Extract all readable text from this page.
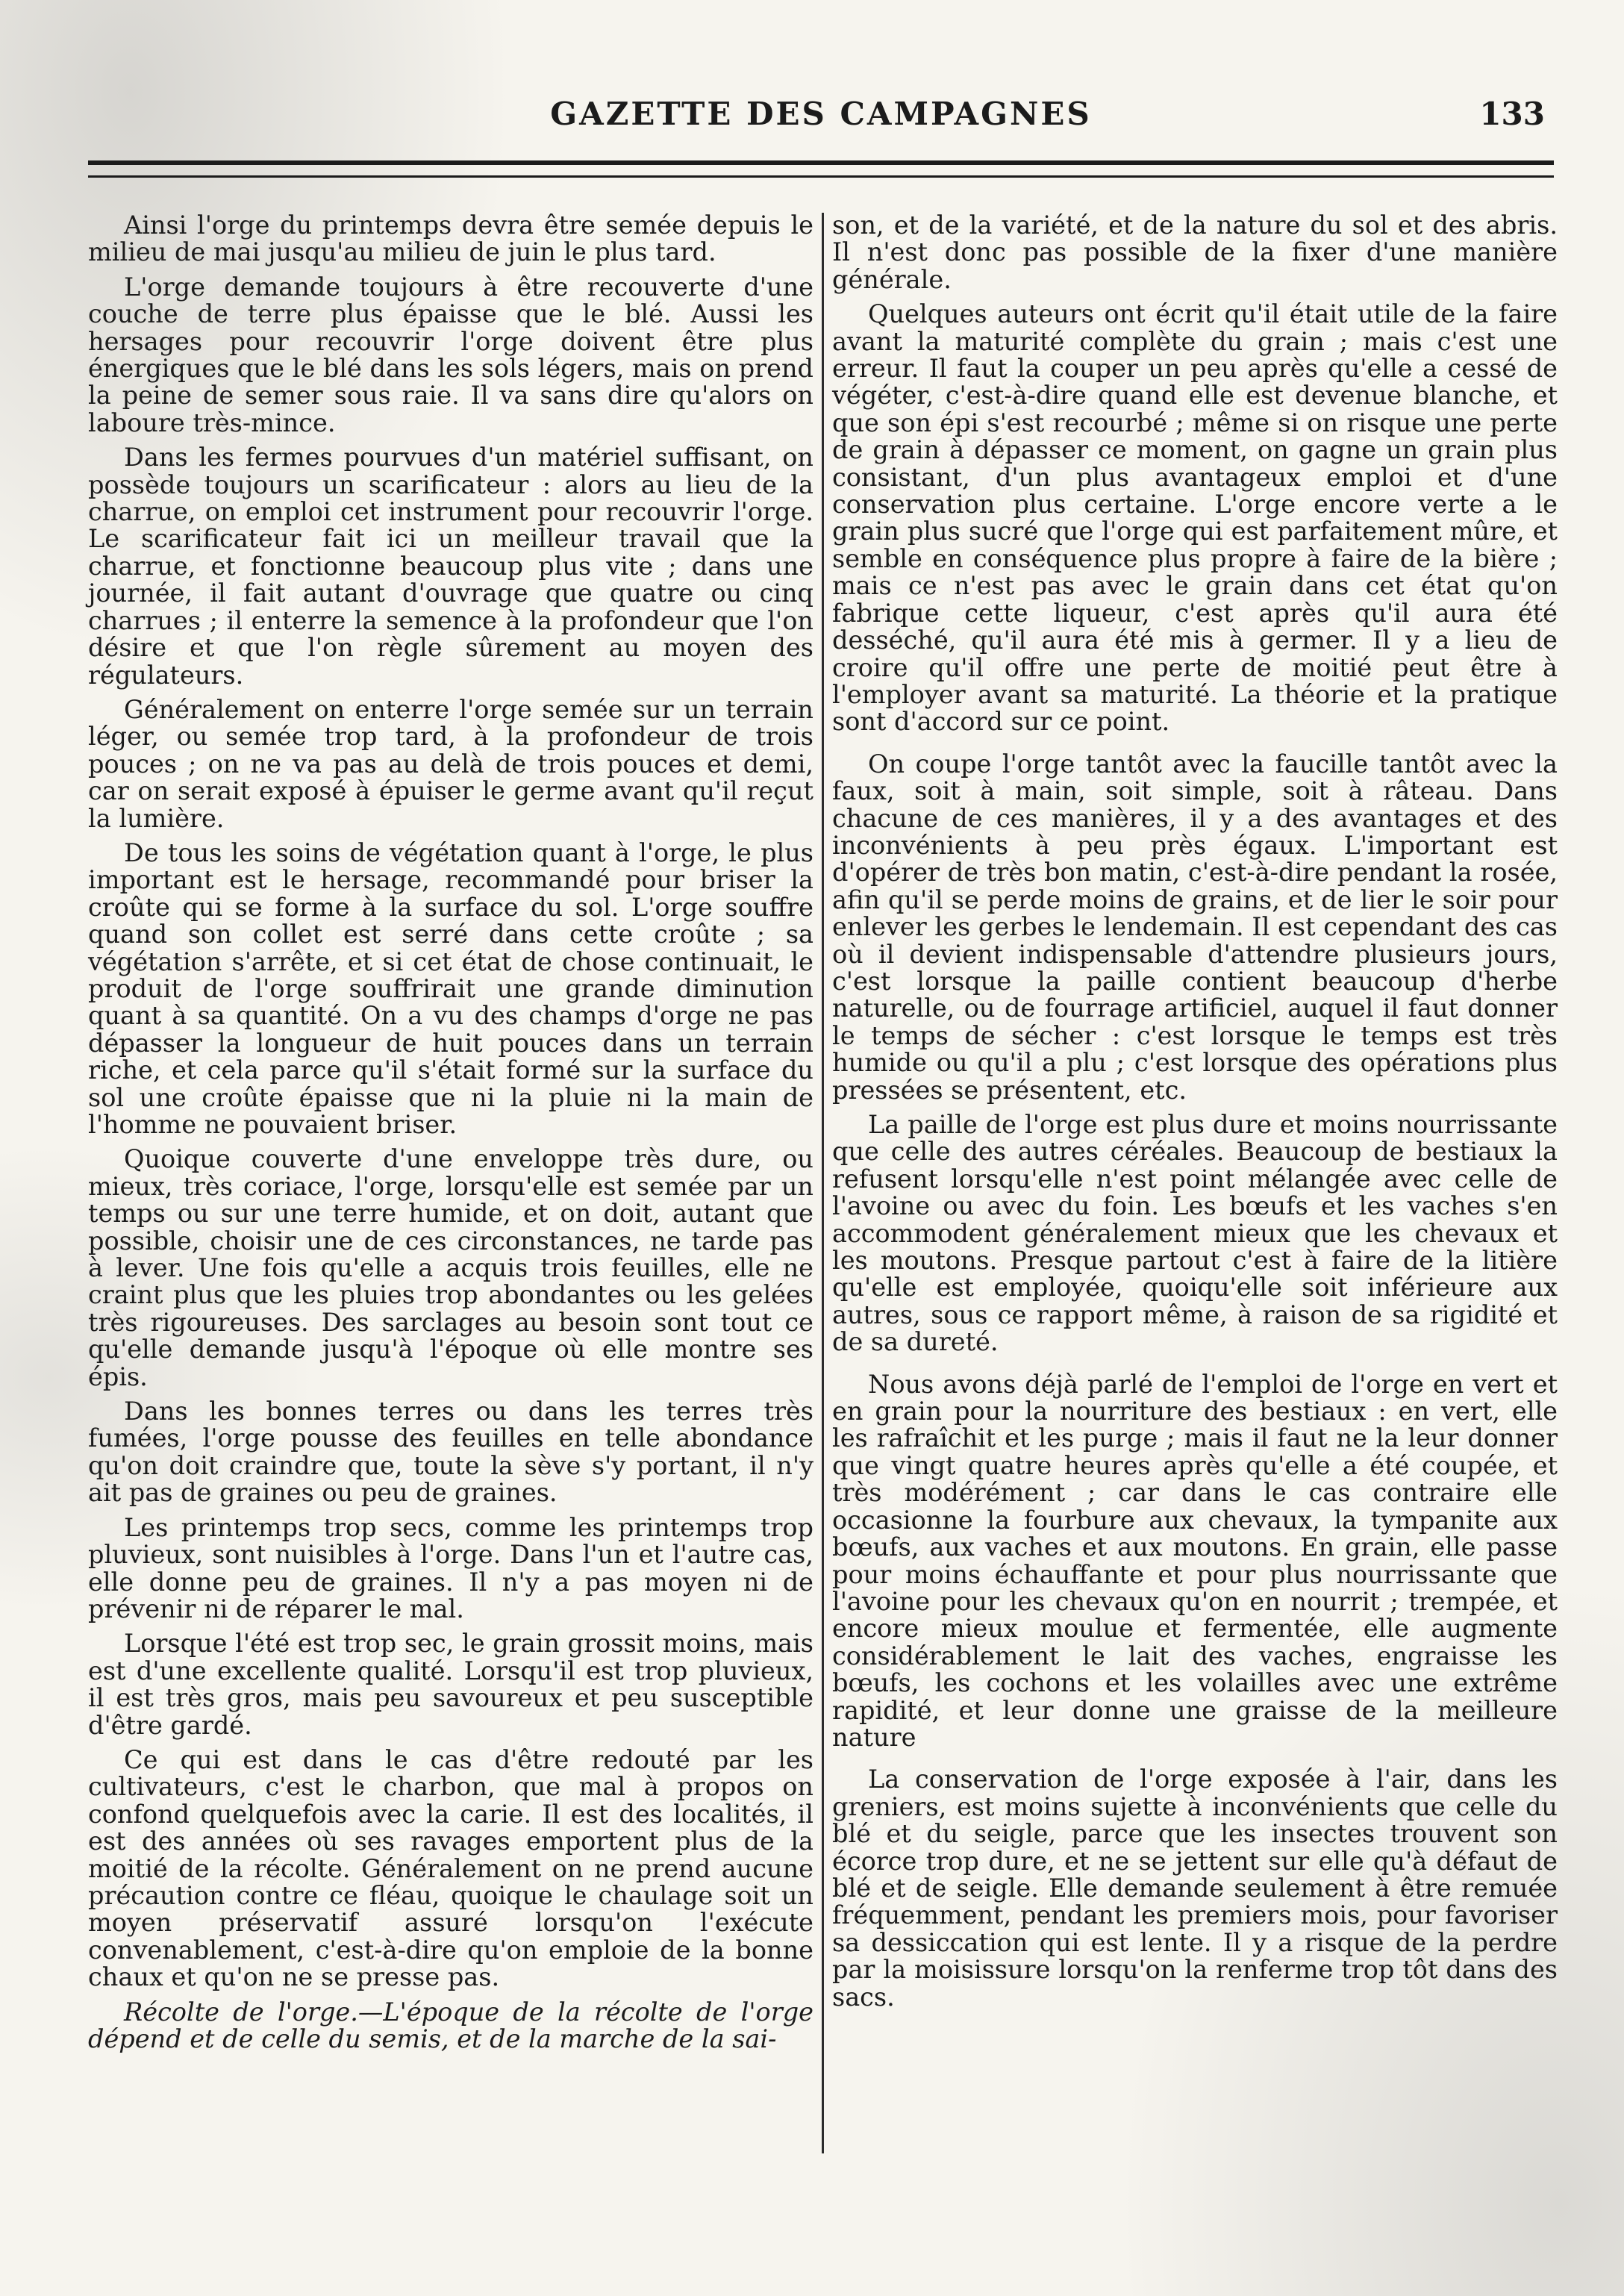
GAZETTE DES CAMPAGNES	133

Ainsi l'orge du printemps devra être semée depuis le milieu de mai jusqu'au milieu de juin le plus tard.

L'orge demande toujours à être recouverte d'une couche de terre plus épaisse que le blé. Aussi les hersages pour recouvrir l'orge doivent être plus énergiques que le blé dans les sols légers, mais on prend la peine de semer sous raie. Il va sans dire qu'alors on laboure très-mince.

Dans les fermes pourvues d'un matériel suffisant, on possède toujours un scarificateur : alors au lieu de la charrue, on emploi cet instrument pour recouvrir l'orge. Le scarificateur fait ici un meilleur travail que la charrue, et fonctionne beaucoup plus vite ; dans une journée, il fait autant d'ouvrage que quatre ou cinq charrues ; il enterre la semence à la profondeur que l'on désire et que l'on règle sûrement au moyen des régulateurs.

Généralement on enterre l'orge semée sur un terrain léger, ou semée trop tard, à la profondeur de trois pouces ; on ne va pas au delà de trois pouces et demi, car on serait exposé à épuiser le germe avant qu'il reçut la lumière.

De tous les soins de végétation quant à l'orge, le plus important est le hersage, recommandé pour briser la croûte qui se forme à la surface du sol. L'orge souffre quand son collet est serré dans cette croûte ; sa végétation s'arrête, et si cet état de chose continuait, le produit de l'orge souffrirait une grande diminution quant à sa quantité. On a vu des champs d'orge ne pas dépasser la longueur de huit pouces dans un terrain riche, et cela parce qu'il s'était formé sur la surface du sol une croûte épaisse que ni la pluie ni la main de l'homme ne pouvaient briser.

Quoique couverte d'une enveloppe très dure, ou mieux, très coriace, l'orge, lorsqu'elle est semée par un temps ou sur une terre humide, et on doit, autant que possible, choisir une de ces circonstances, ne tarde pas à lever. Une fois qu'elle a acquis trois feuilles, elle ne craint plus que les pluies trop abondantes ou les gelées très rigoureuses. Des sarclages au besoin sont tout ce qu'elle demande jusqu'à l'époque où elle montre ses épis.

Dans les bonnes terres ou dans les terres très fumées, l'orge pousse des feuilles en telle abondance qu'on doit craindre que, toute la sève s'y portant, il n'y ait pas de graines ou peu de graines.

Les printemps trop secs, comme les printemps trop pluvieux, sont nuisibles à l'orge. Dans l'un et l'autre cas, elle donne peu de graines. Il n'y a pas moyen ni de prévenir ni de réparer le mal.

Lorsque l'été est trop sec, le grain grossit moins, mais est d'une excellente qualité. Lorsqu'il est trop pluvieux, il est très gros, mais peu savoureux et peu susceptible d'être gardé.

Ce qui est dans le cas d'être redouté par les cultivateurs, c'est le charbon, que mal à propos on confond quelquefois avec la carie. Il est des localités, il est des années où ses ravages emportent plus de la moitié de la récolte. Généralement on ne prend aucune précaution contre ce fléau, quoique le chaulage soit un moyen préservatif assuré lorsqu'on l'exécute convenablement, c'est-à-dire qu'on emploie de la bonne chaux et qu'on ne se presse pas.

Récolte de l'orge.—L'époque de la récolte de l'orge dépend et de celle du semis, et de la marche de la sai-

son, et de la variété, et de la nature du sol et des abris. Il n'est donc pas possible de la fixer d'une manière générale.

Quelques auteurs ont écrit qu'il était utile de la faire avant la maturité complète du grain ; mais c'est une erreur. Il faut la couper un peu après qu'elle a cessé de végéter, c'est-à-dire quand elle est devenue blanche, et que son épi s'est recourbé ; même si on risque une perte de grain à dépasser ce moment, on gagne un grain plus consistant, d'un plus avantageux emploi et d'une conservation plus certaine. L'orge encore verte a le grain plus sucré que l'orge qui est parfaitement mûre, et semble en conséquence plus propre à faire de la bière ; mais ce n'est pas avec le grain dans cet état qu'on fabrique cette liqueur, c'est après qu'il aura été desséché, qu'il aura été mis à germer. Il y a lieu de croire qu'il offre une perte de moitié peut être à l'employer avant sa maturité. La théorie et la pratique sont d'accord sur ce point.

On coupe l'orge tantôt avec la faucille tantôt avec la faux, soit à main, soit simple, soit à râteau. Dans chacune de ces manières, il y a des avantages et des inconvénients à peu près égaux. L'important est d'opérer de très bon matin, c'est-à-dire pendant la rosée, afin qu'il se perde moins de grains, et de lier le soir pour enlever les gerbes le lendemain. Il est cependant des cas où il devient indispensable d'attendre plusieurs jours, c'est lorsque la paille contient beaucoup d'herbe naturelle, ou de fourrage artificiel, auquel il faut donner le temps de sécher : c'est lorsque le temps est très humide ou qu'il a plu ; c'est lorsque des opérations plus pressées se présentent, etc.

La paille de l'orge est plus dure et moins nourrissante que celle des autres céréales. Beaucoup de bestiaux la refusent lorsqu'elle n'est point mélangée avec celle de l'avoine ou avec du foin. Les bœufs et les vaches s'en accommodent généralement mieux que les chevaux et les moutons. Presque partout c'est à faire de la litière qu'elle est employée, quoiqu'elle soit inférieure aux autres, sous ce rapport même, à raison de sa rigidité et de sa dureté.

Nous avons déjà parlé de l'emploi de l'orge en vert et en grain pour la nourriture des bestiaux : en vert, elle les rafraîchit et les purge ; mais il faut ne la leur donner que vingt quatre heures après qu'elle a été coupée, et très modérément ; car dans le cas contraire elle occasionne la fourbure aux chevaux, la tympanite aux bœufs, aux vaches et aux moutons. En grain, elle passe pour moins échauffante et pour plus nourrissante que l'avoine pour les chevaux qu'on en nourrit ; trempée, et encore mieux moulue et fermentée, elle augmente considérablement le lait des vaches, engraisse les bœufs, les cochons et les volailles avec une extrême rapidité, et leur donne une graisse de la meilleure nature

La conservation de l'orge exposée à l'air, dans les greniers, est moins sujette à inconvénients que celle du blé et du seigle, parce que les insectes trouvent son écorce trop dure, et ne se jettent sur elle qu'à défaut de blé et de seigle. Elle demande seulement à être remuée fréquemment, pendant les premiers mois, pour favoriser sa dessiccation qui est lente. Il y a risque de la perdre par la moisissure lorsqu'on la renferme trop tôt dans des sacs.
